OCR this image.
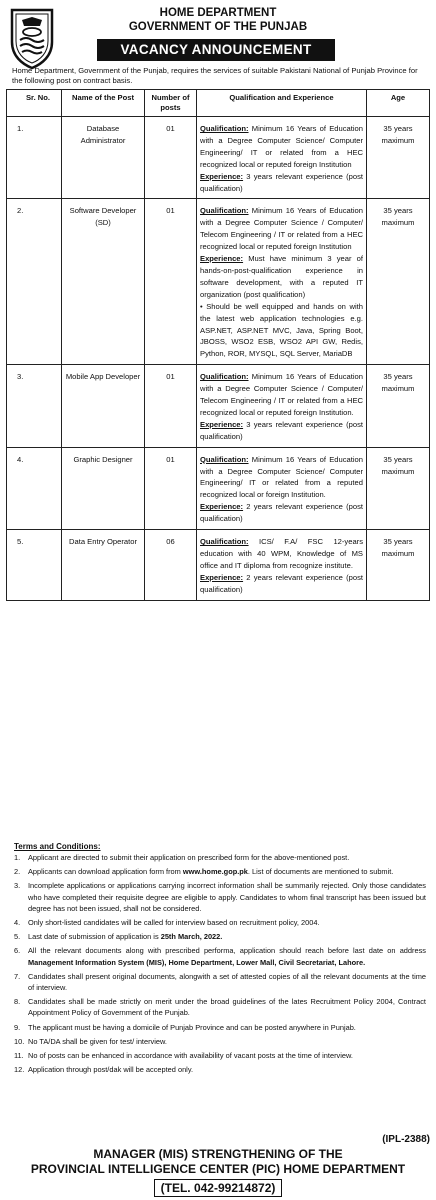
HOME DEPARTMENT
GOVERNMENT OF THE PUNJAB
VACANCY ANNOUNCEMENT
Home Department, Government of the Punjab, requires the services of suitable Pakistani National of Punjab Province for the following post on contract basis.
Sr. No.	Name of the Post	Number of posts	Qualification and Experience	Age
1.	Database Administrator	01	Qualification: Minimum 16 Years of Education with a Degree Computer Science/ Computer Engineering/ IT or related from a HEC recognized local or reputed foreign Institution
Experience: 3 years relevant experience (post qualification)	35 years
maximum
2.	Software Developer (SD)	01	Qualification: Minimum 16 Years of Education with a Degree Computer Science / Computer/ Telecom Engineering / IT or related from a HEC recognized local or reputed foreign Institution
Experience: Must have minimum 3 year of hands-on-post-qualification experience in software development, with a reputed IT organization (post qualification)
• Should be well equipped and hands on with the latest web application technologies e.g. ASP.NET, ASP.NET MVC, Java, Spring Boot, JBOSS, WSO2 ESB, WSO2 API GW, Redis, Python, ROR, MYSQL, SQL Server, MariaDB	35 years
maximum
3.	Mobile App Developer	01	Qualification: Minimum 16 Years of Education with a Degree Computer Science / Computer/ Telecom Engineering / IT or related from a HEC recognized local or reputed foreign Institution.
Experience: 3 years relevant experience (post qualification)	35 years
maximum
4.	Graphic Designer	01	Qualification: Minimum 16 Years of Education with a Degree Computer Science/ Computer Engineering/ IT or related from a reputed recognized local or foreign Institution.
Experience: 2 years relevant experience (post qualification)	35 years
maximum
5.	Data Entry Operator	06	Qualification: ICS/ F.A/ FSC 12-years education with 40 WPM, Knowledge of MS office and IT diploma from recognize institute.
Experience: 2 years relevant experience (post qualification)	35 years
maximum
Terms and Conditions:
1. Applicant are directed to submit their application on prescribed form for the above-mentioned post.
2. Applicants can download application form from www.home.gop.pk. List of documents are mentioned to submit.
3. Incomplete applications or applications carrying incorrect information shall be summarily rejected. Only those candidates who have completed their requisite degree are eligible to apply. Candidates to whom final transcript has been issued but degree has not been issued, shall not be considered.
4. Only short-listed candidates will be called for interview based on recruitment policy, 2004.
5. Last date of submission of application is 25th March, 2022.
6. All the relevant documents along with prescribed performa, application should reach before last date on address Management Information System (MIS), Home Department, Lower Mall, Civil Secretariat, Lahore.
7. Candidates shall present original documents, alongwith a set of attested copies of all the relevant documents at the time of interview.
8. Candidates shall be made strictly on merit under the broad guidelines of the lates Recruitment Policy 2004, Contract Appointment Policy of Government of the Punjab.
9. The applicant must be having a domicile of Punjab Province and can be posted anywhere in Punjab.
10. No TA/DA shall be given for test/ interview.
11. No of posts can be enhanced in accordance with availability of vacant posts at the time of interview.
12. Application through post/dak will be accepted only.
(IPL-2388)
MANAGER (MIS) STRENGTHENING OF THE
PROVINCIAL INTELLIGENCE CENTER (PIC) HOME DEPARTMENT
(TEL. 042-99214872)
